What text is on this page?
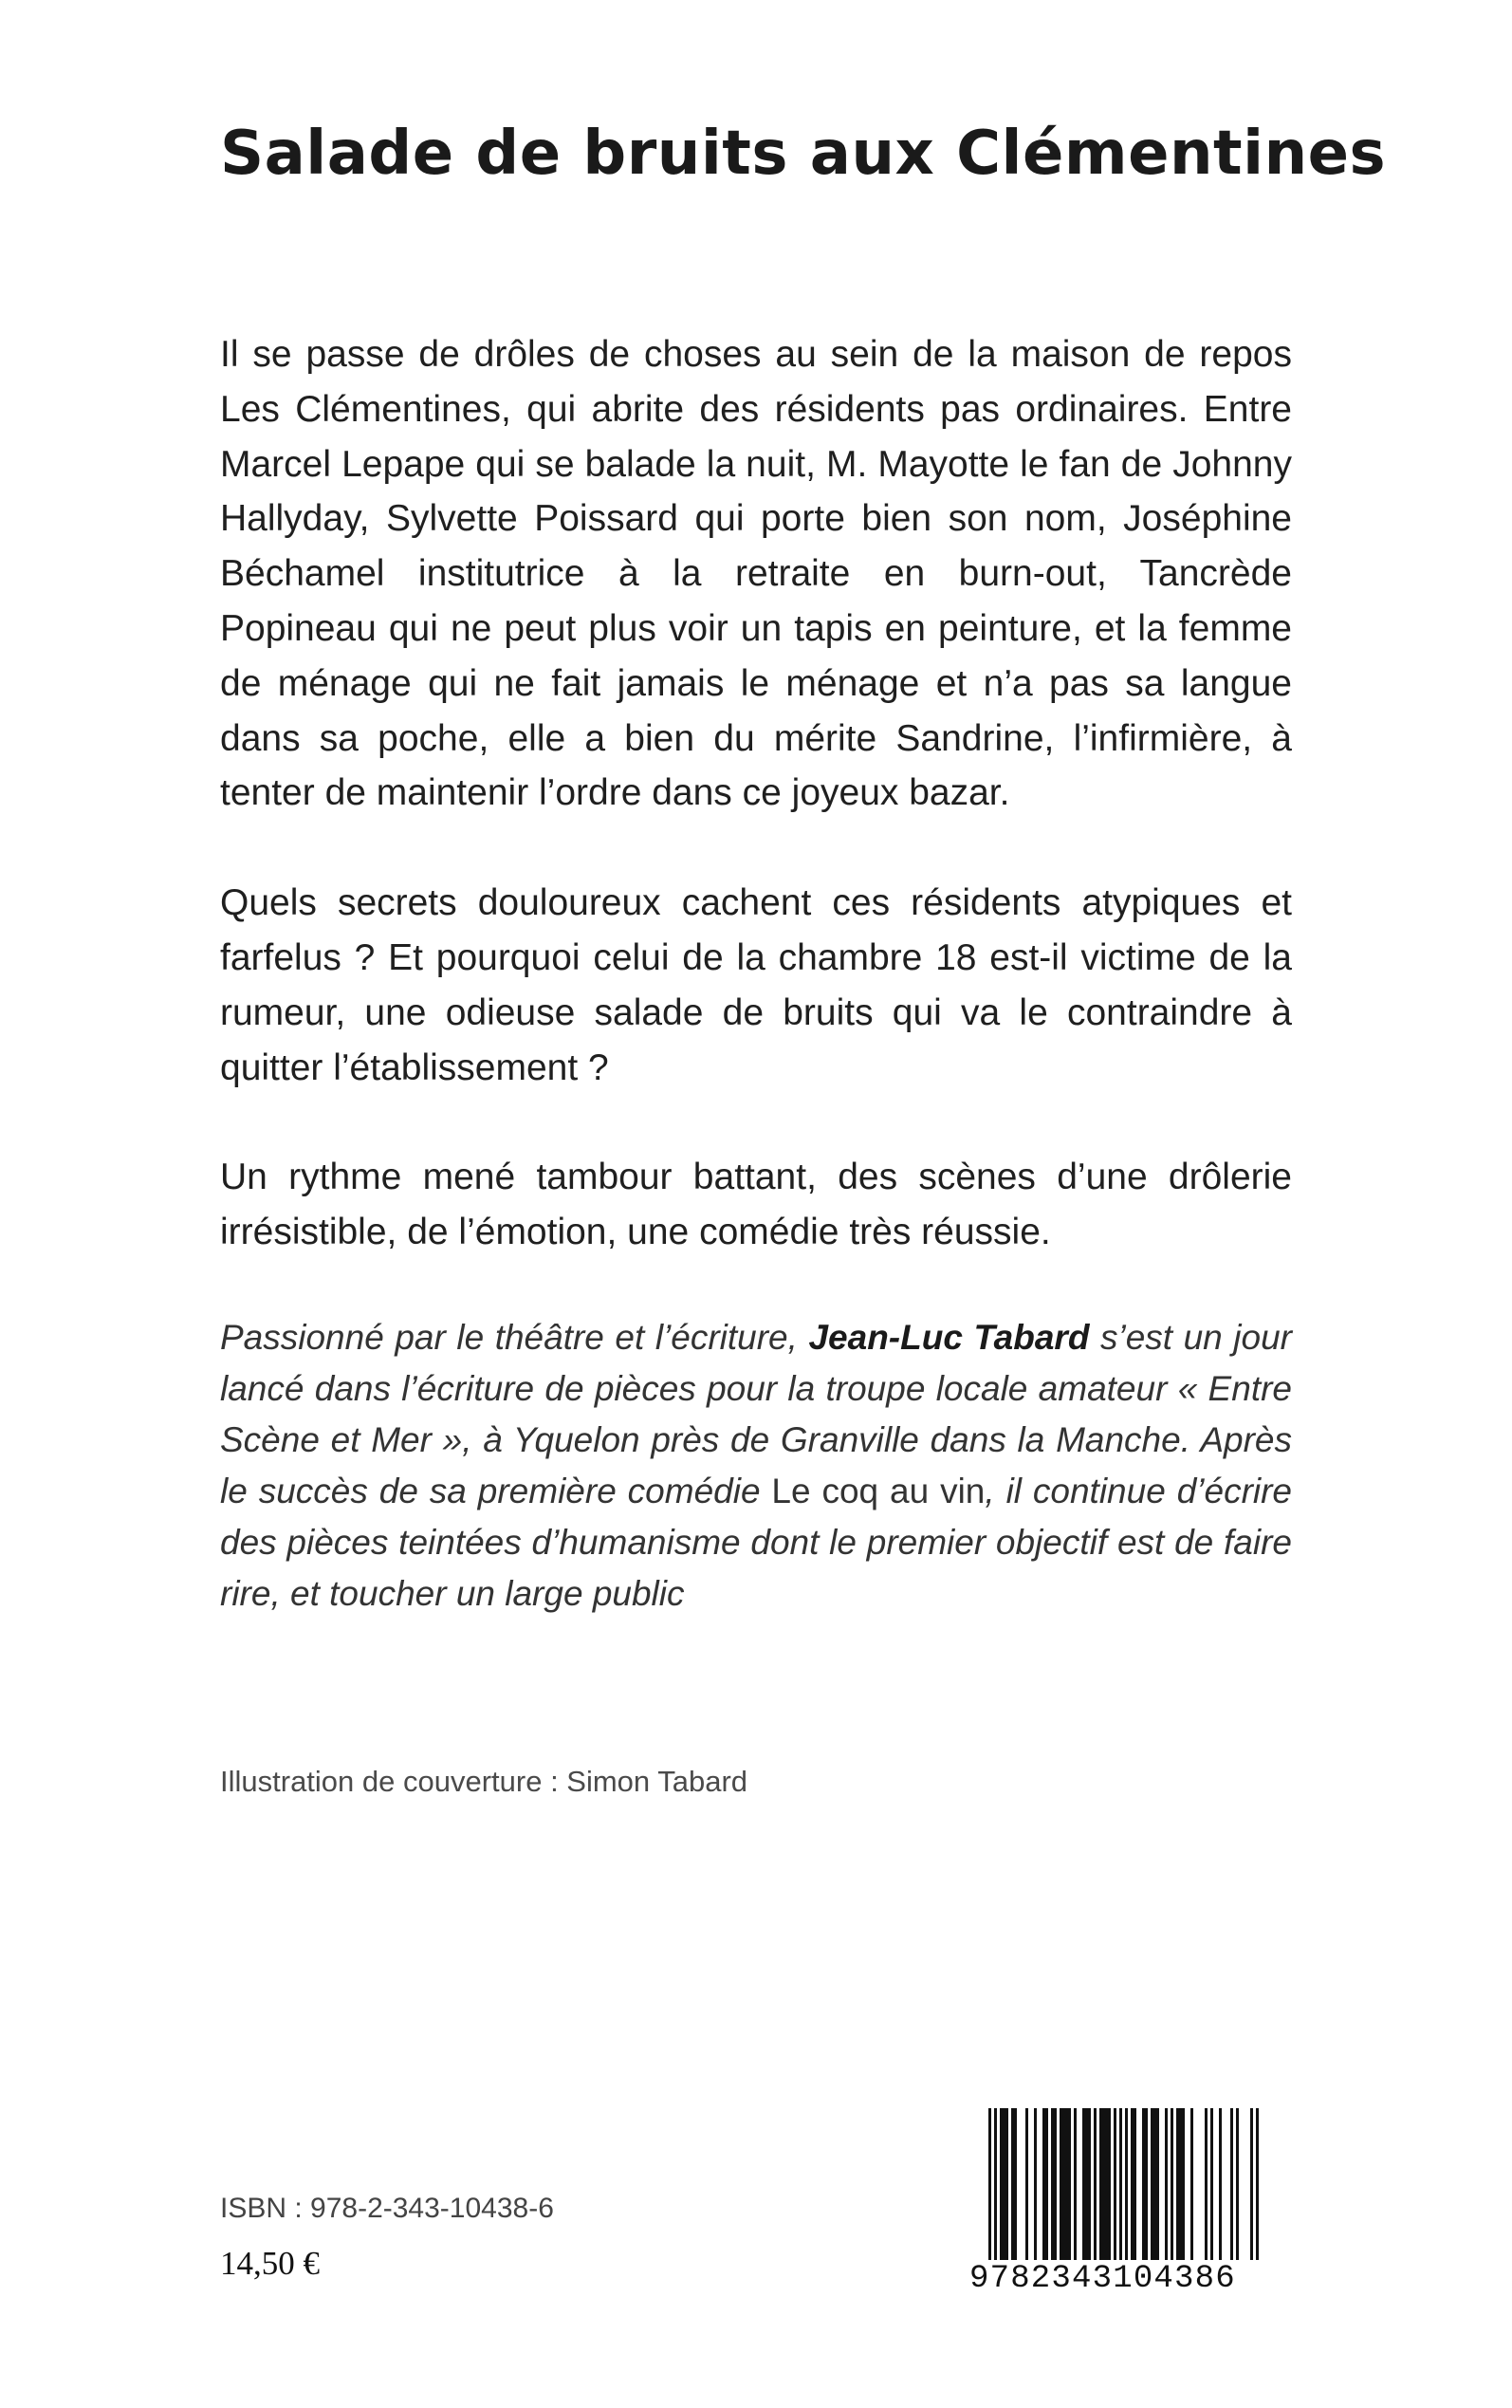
Salade de bruits aux Clémentines

Il se passe de drôles de choses au sein de la maison de repos Les Clémentines, qui abrite des résidents pas ordinaires. Entre Marcel Lepape qui se balade la nuit, M. Mayotte le fan de Johnny Hallyday, Sylvette Poissard qui porte bien son nom, Joséphine Béchamel institutrice à la retraite en burn-out, Tancrède Popineau qui ne peut plus voir un tapis en peinture, et la femme de ménage qui ne fait jamais le ménage et n’a pas sa langue dans sa poche, elle a bien du mérite Sandrine, l’infirmière, à tenter de maintenir l’ordre dans ce joyeux bazar.

Quels secrets douloureux cachent ces résidents atypiques et farfelus ? Et pourquoi celui de la chambre 18 est-il victime de la rumeur, une odieuse salade de bruits qui va le contraindre à quitter l’établissement ?

Un rythme mené tambour battant, des scènes d’une drôlerie irrésistible, de l’émotion, une comédie très réussie.

Passionné par le théâtre et l’écriture, Jean-Luc Tabard s’est un jour lancé dans l’écriture de pièces pour la troupe locale amateur « Entre Scène et Mer », à Yquelon près de Granville dans la Manche. Après le succès de sa première comédie Le coq au vin, il continue d’écrire des pièces teintées d’humanisme dont le premier objectif est de faire rire, et toucher un large public

Illustration de couverture : Simon Tabard
ISBN : 978-2-343-10438-6
14,50 €	9782343104386
